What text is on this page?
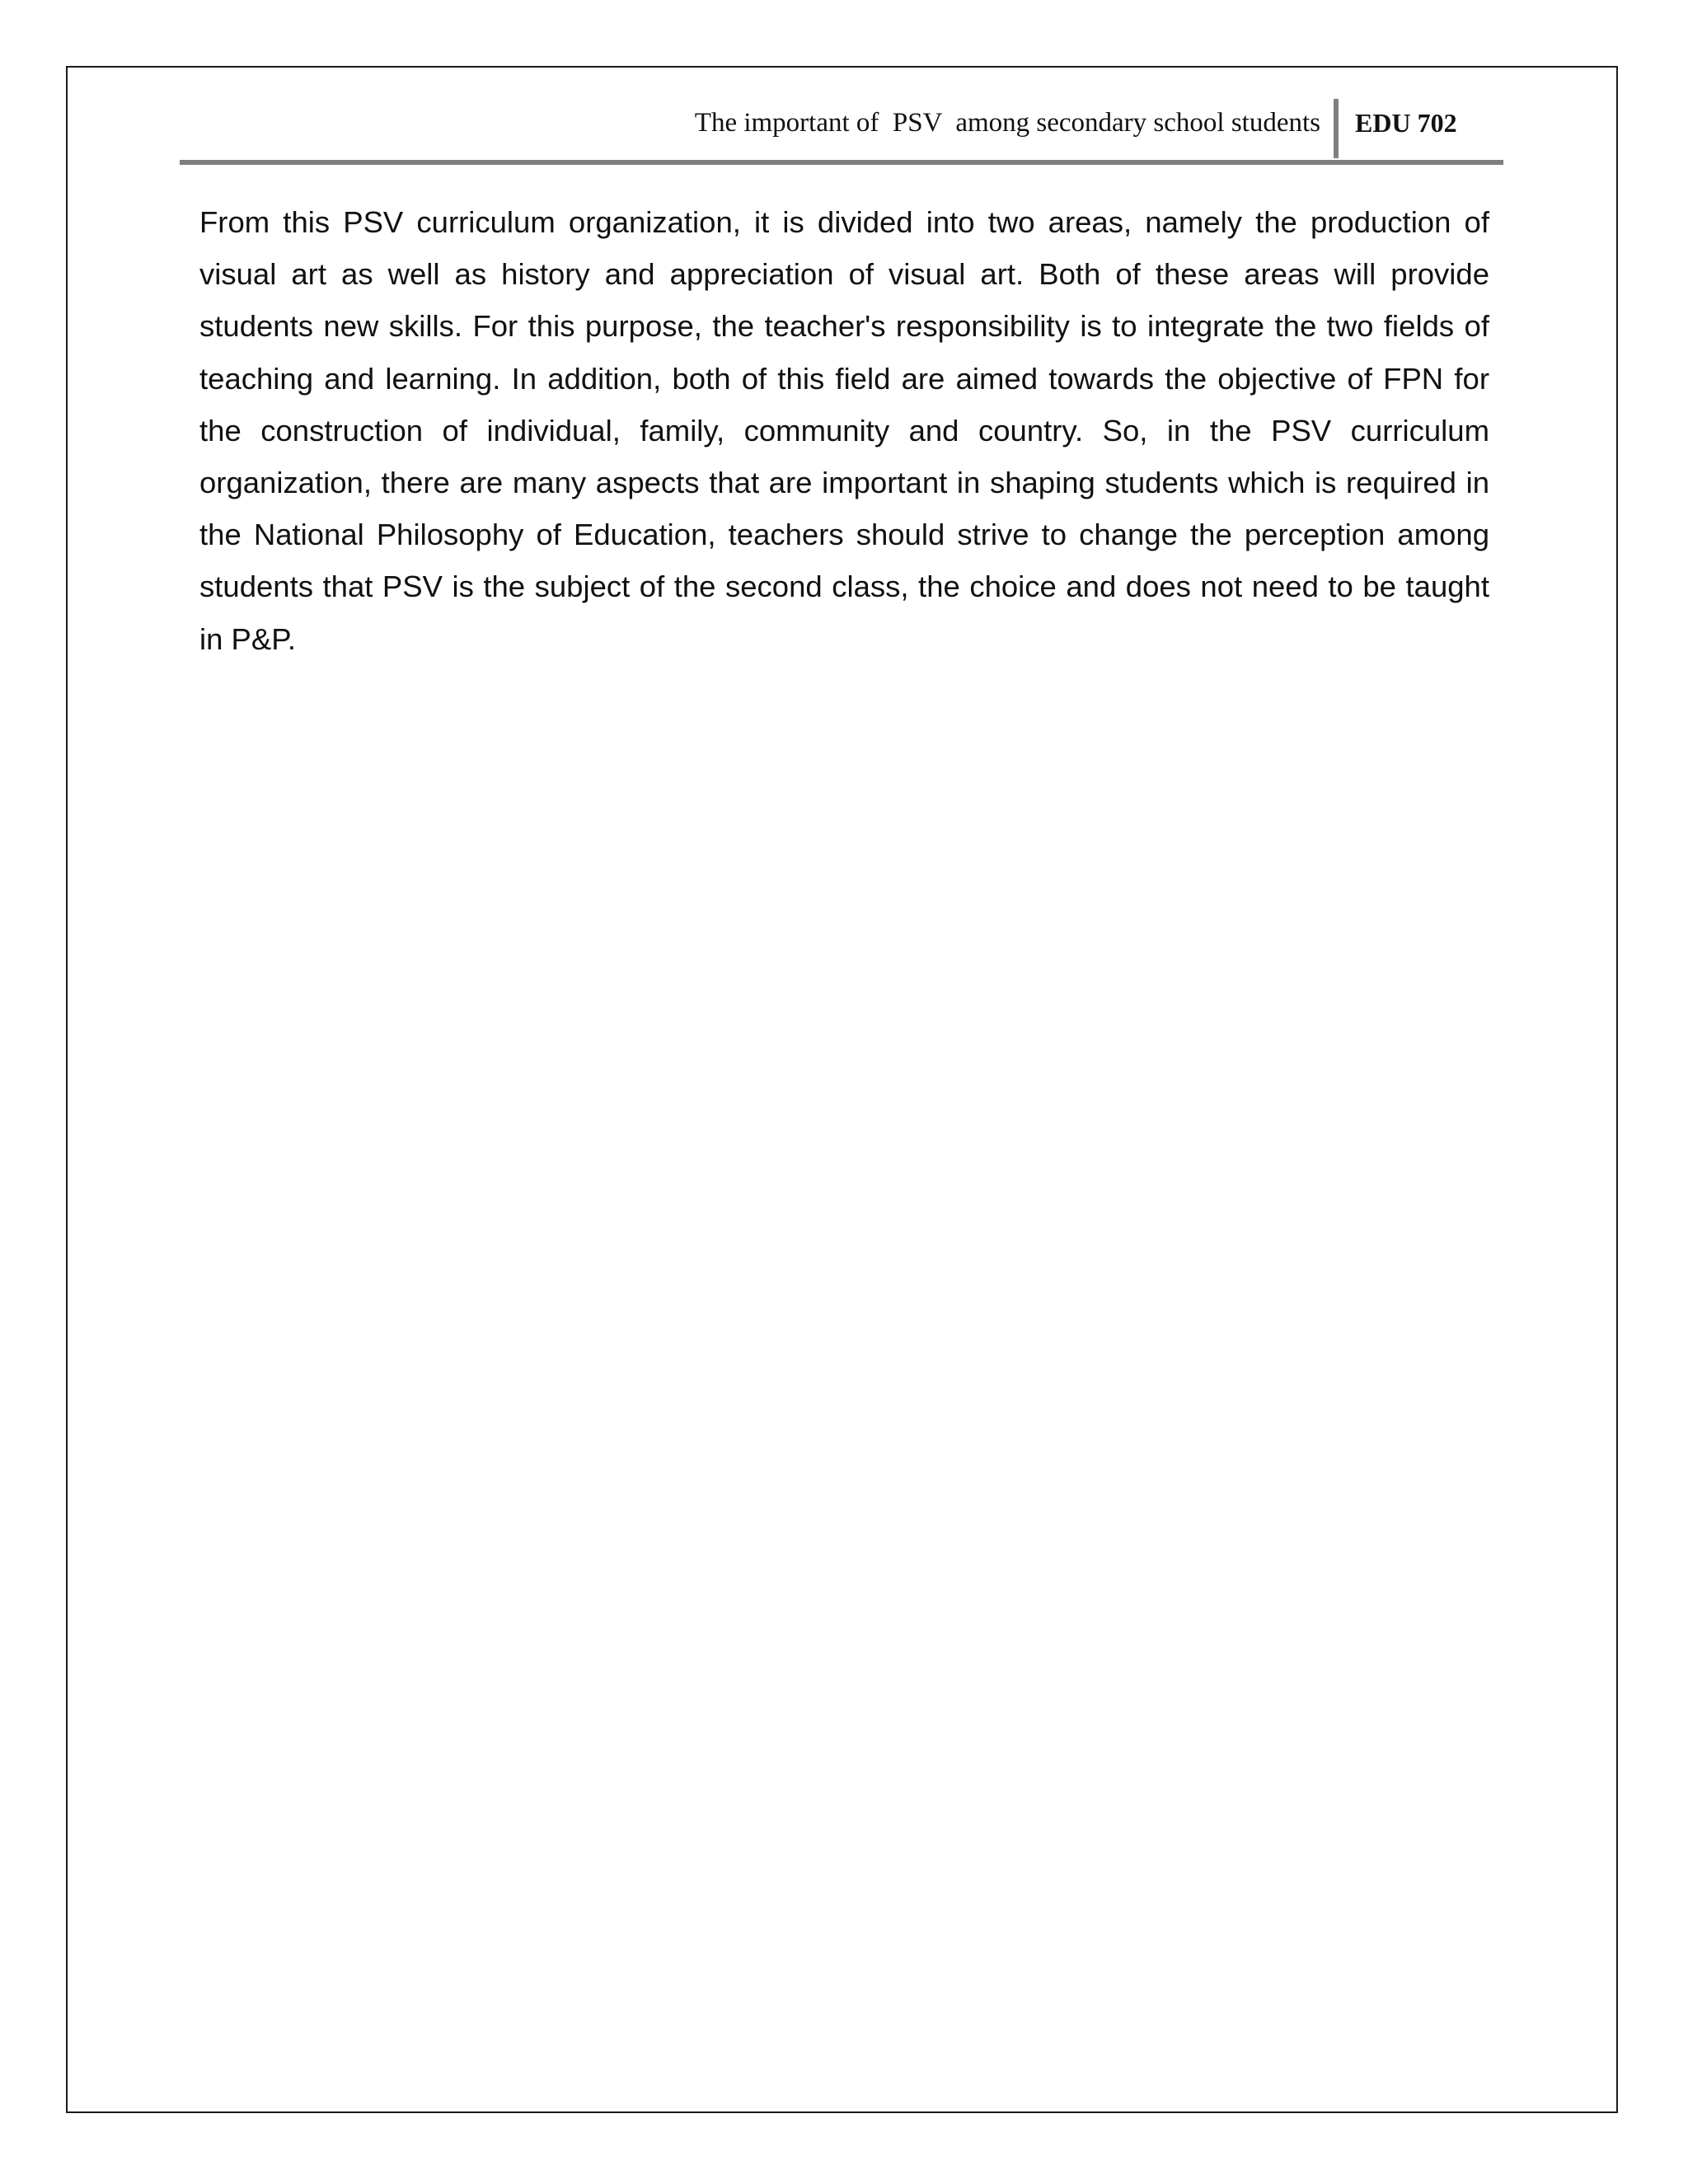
The important of  PSV  among secondary school students EDU 702

From this PSV curriculum organization, it is divided into two areas, namely the production of visual art as well as history and appreciation of visual art. Both of these areas will provide students new skills. For this purpose, the teacher's responsibility is to integrate the two fields of teaching and learning. In addition, both of this field are aimed towards the objective of FPN for the construction of individual, family, community and country. So, in the PSV curriculum organization, there are many aspects that are important in shaping students which is required in the National Philosophy of Education, teachers should strive to change the perception among students that PSV is the subject of the second class, the choice and does not need to be taught in P&P.
